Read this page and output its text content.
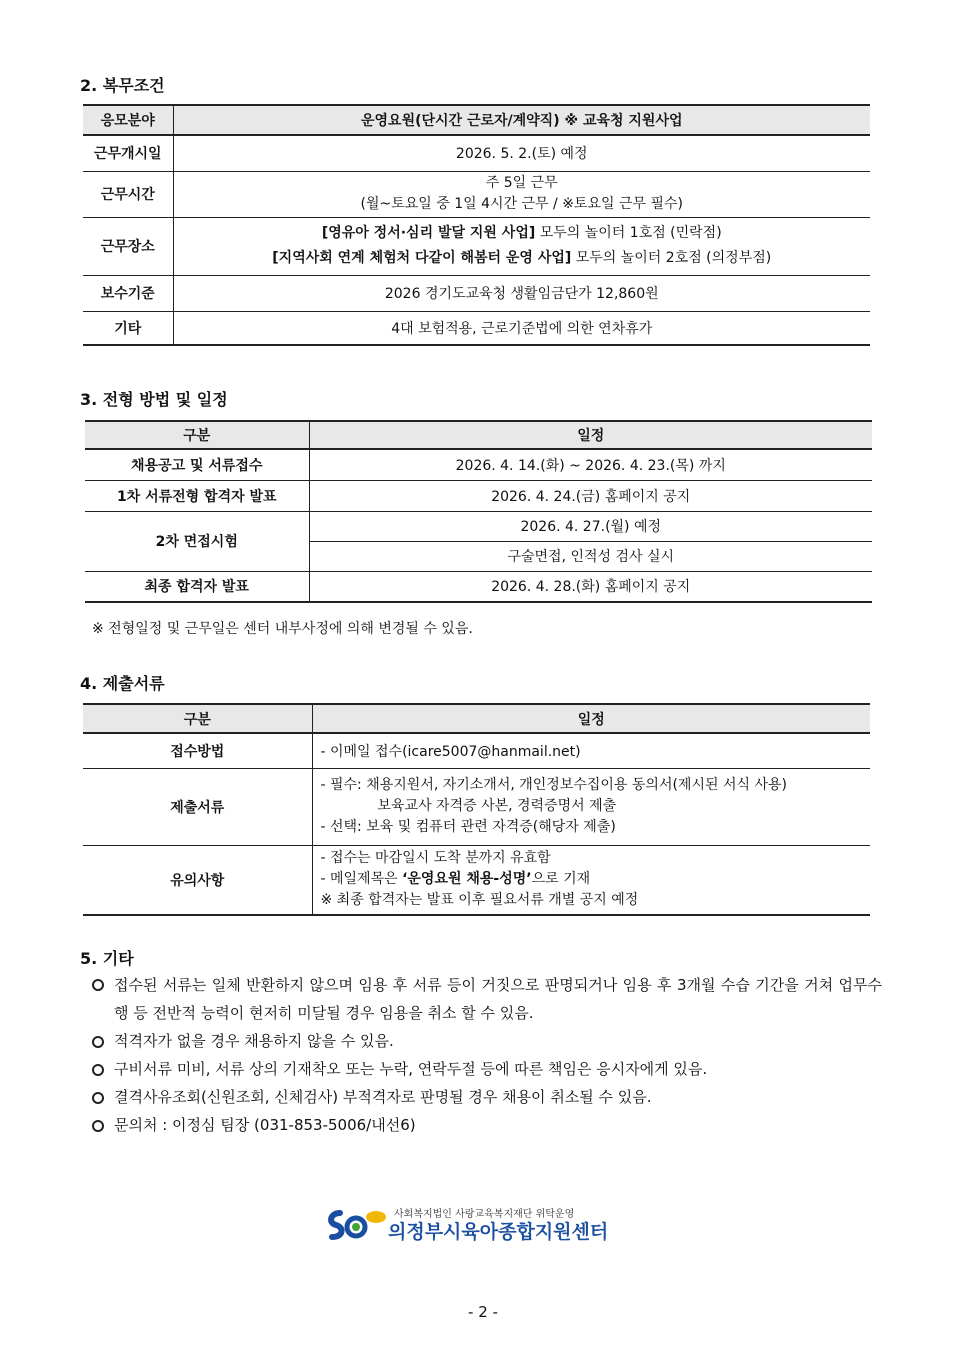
2. 복무조건
응모분야	운영요원(단시간 근로자/계약직) ※ 교육청 지원사업
근무개시일	2026. 5. 2.(토) 예정
근무시간	주 5일 근무
(월~토요일 중 1일 4시간 근무 / ※토요일 근무 필수)

근무장소	[영유아 정서·심리 발달 지원 사업] 모두의 놀이터 1호점 (민락점)
[지역사회 연계 체험처 다같이 해봄터 운영 사업] 모두의 놀이터 2호점 (의정부점)

보수기준	2026 경기도교육청 생활임금단가 12,860원
기타	4대 보험적용, 근로기준법에 의한 연차휴가
3. 전형 방법 및 일정
구분	일정
채용공고 및 서류접수	2026. 4. 14.(화) ~ 2026. 4. 23.(목) 까지
1차 서류전형 합격자 발표	2026. 4. 24.(금) 홈페이지 공지
2차 면접시험	2026. 4. 27.(월) 예정
	구술면접, 인적성 검사 실시
최종 합격자 발표	2026. 4. 28.(화) 홈페이지 공지
※ 전형일정 및 근무일은 센터 내부사정에 의해 변경될 수 있음.
4. 제출서류
구분	일정
접수방법	- 이메일 접수(icare5007@hanmail.net)
제출서류	- 필수: 채용지원서, 자기소개서, 개인정보수집이용 동의서(제시된 서식 사용)
보육교사 자격증 사본, 경력증명서 제출
- 선택: 보육 및 컴퓨터 관련 자격증(해당자 제출)

유의사항	- 접수는 마감일시 도착 분까지 유효함
- 메일제목은 ‘운영요원 채용-성명’으로 기재
※ 최종 합격자는 발표 이후 필요서류 개별 공지 예정
5. 기타
접수된 서류는 일체 반환하지 않으며 임용 후 서류 등이 거짓으로 판명되거나 임용 후 3개월 수습 기간을 거쳐 업무수행 등 전반적 능력이 현저히 미달될 경우 임용을 취소 할 수 있음.
적격자가 없을 경우 채용하지 않을 수 있음.
구비서류 미비, 서류 상의 기재착오 또는 누락, 연락두절 등에 따른 책임은 응시자에게 있음.
결격사유조회(신원조회, 신체검사) 부적격자로 판명될 경우 채용이 취소될 수 있음.
문의처 : 이정심 팀장 (031-853-5006/내선6)
사회복지법인 사랑교육복지재단 위탁운영
의정부시육아종합지원센터
- 2 -
